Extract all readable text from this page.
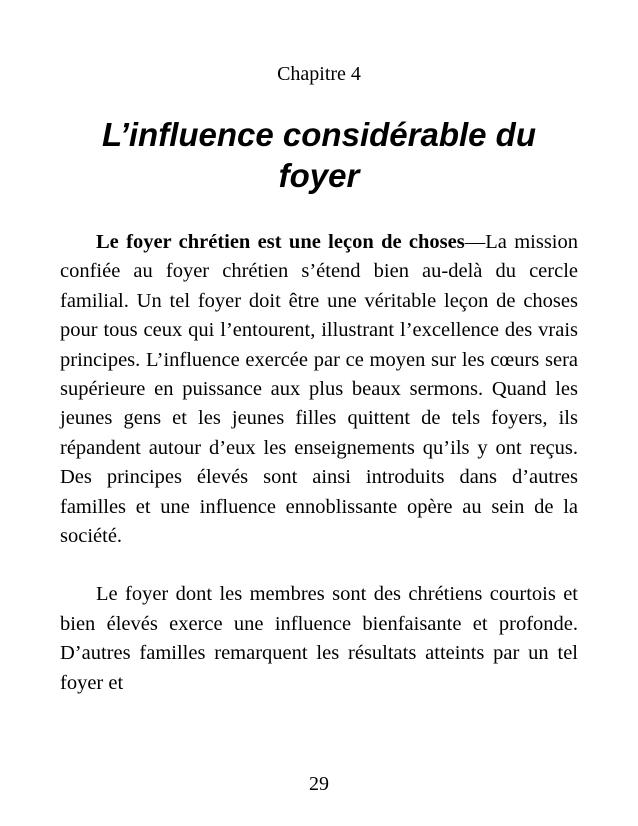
Chapitre 4
L’influence considérable du foyer

Le foyer chrétien est une leçon de choses—La mission confiée au foyer chrétien s’étend bien au-delà du cercle familial. Un tel foyer doit être une véritable leçon de choses pour tous ceux qui l’entourent, illustrant l’excellence des vrais principes. L’influence exercée par ce moyen sur les cœurs sera supérieure en puissance aux plus beaux sermons. Quand les jeunes gens et les jeunes filles quittent de tels foyers, ils répandent autour d’eux les enseignements qu’ils y ont reçus. Des principes élevés sont ainsi introduits dans d’autres familles et une influence ennoblissante opère au sein de la société.

Le foyer dont les membres sont des chrétiens courtois et bien élevés exerce une influence bienfaisante et profonde. D’autres familles remarquent les résultats atteints par un tel foyer et

29
